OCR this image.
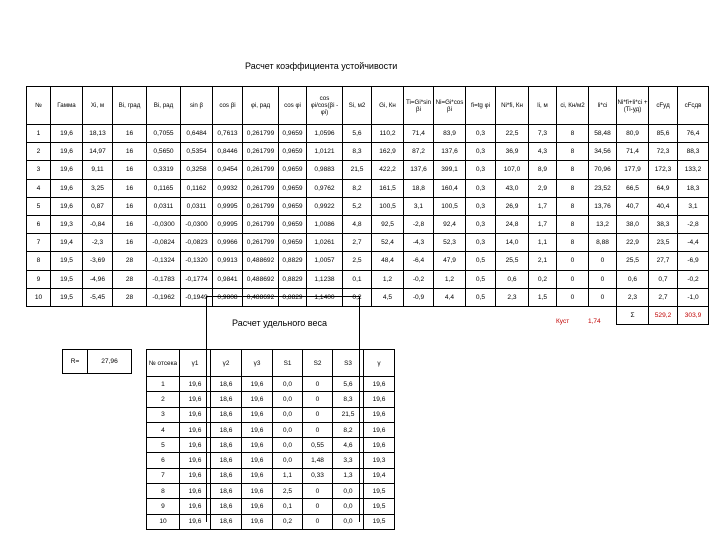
Расчет коэффициента устойчивости
№	Гамма	Xi, м	Bi, град	Bi, рад	sin β	cos βi	φi, рад	cos φi	cos φi/cos(βi - φi)	Si, м2	Gi, Кн	Ti=Gi*sin βi	Ni=Gi*cos βi	fi=tg φi	Ni*fi, Кн	li, м	ci, Кн/м2	li*ci	Ni*fi+li*ci +(Ti-уд)	cFуд	cFсдв
1	19,6	18,13	16	0,7055	0,6484	0,7613	0,261799	0,9659	1,0596	5,6	110,2	71,4	83,9	0,3	22,5	7,3	8	58,48	80,9	85,6	76,4
2	19,6	14,97	16	0,5650	0,5354	0,8446	0,261799	0,9659	1,0121	8,3	162,9	87,2	137,6	0,3	36,9	4,3	8	34,56	71,4	72,3	88,3
3	19,6	9,11	16	0,3319	0,3258	0,9454	0,261799	0,9659	0,9883	21,5	422,2	137,6	399,1	0,3	107,0	8,9	8	70,96	177,9	172,3	133,2
4	19,6	3,25	16	0,1165	0,1162	0,9932	0,261799	0,9659	0,9762	8,2	161,5	18,8	160,4	0,3	43,0	2,9	8	23,52	66,5	64,9	18,3
5	19,6	0,87	16	0,0311	0,0311	0,9995	0,261799	0,9659	0,9922	5,2	100,5	3,1	100,5	0,3	26,9	1,7	8	13,76	40,7	40,4	3,1
6	19,3	-0,84	16	-0,0300	-0,0300	0,9995	0,261799	0,9659	1,0086	4,8	92,5	-2,8	92,4	0,3	24,8	1,7	8	13,2	38,0	38,3	-2,8
7	19,4	-2,3	16	-0,0824	-0,0823	0,9966	0,261799	0,9659	1,0261	2,7	52,4	-4,3	52,3	0,3	14,0	1,1	8	8,88	22,9	23,5	-4,4
8	19,5	-3,69	28	-0,1324	-0,1320	0,9913	0,488692	0,8829	1,0057	2,5	48,4	-6,4	47,9	0,5	25,5	2,1	0	0	25,5	27,7	-6,9
9	19,5	-4,96	28	-0,1783	-0,1774	0,9841	0,488692	0,8829	1,1238	0,1	1,2	-0,2	1,2	0,5	0,6	0,2	0	0	0,6	0,7	-0,2
10	19,5	-5,45	28	-0,1962	-0,1949	0,9808	0,488692	0,8829	1,1400	0,2	4,5	-0,9	4,4	0,5	2,3	1,5	0	0	2,3	2,7	-1,0
																			Σ	529,2	303,9
Расчет удельного веса	Куст	1,74
R=	27,96	№ отсека	γ1	γ2	γ3	S1	S2	S3	γ
1	19,6	18,6	19,6	0,0	0	5,6	19,6
2	19,6	18,6	19,6	0,0	0	8,3	19,6
3	19,6	18,6	19,6	0,0	0	21,5	19,6
4	19,6	18,6	19,6	0,0	0	8,2	19,6
5	19,6	18,6	19,6	0,0	0,55	4,6	19,6
6	19,6	18,6	19,6	0,0	1,48	3,3	19,3
7	19,6	18,6	19,6	1,1	0,33	1,3	19,4
8	19,6	18,6	19,6	2,5	0	0,0	19,5
9	19,6	18,6	19,6	0,1	0	0,0	19,5
10	19,6	18,6	19,6	0,2	0	0,0	19,5
